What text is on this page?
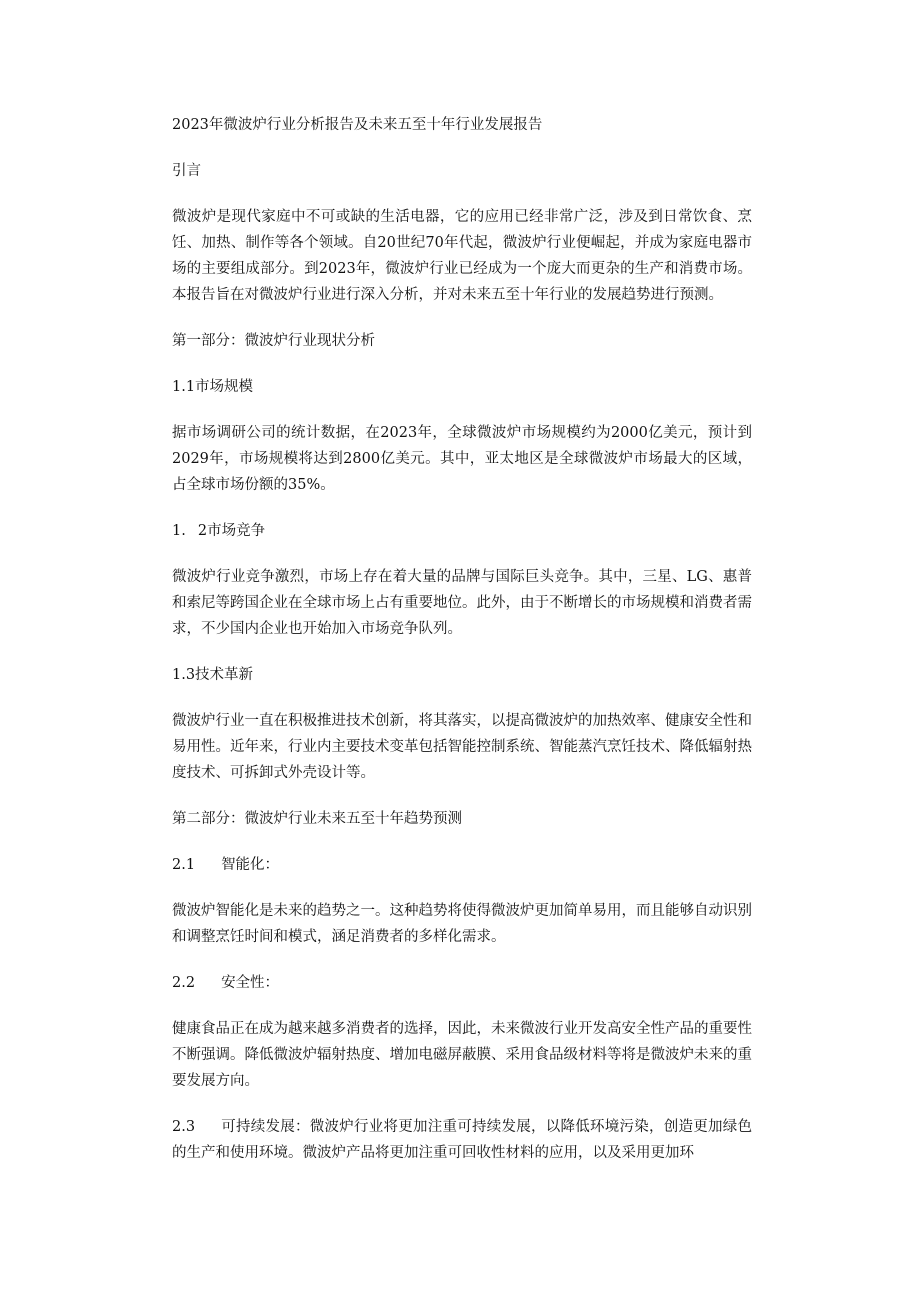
2023年微波炉行业分析报告及未来五至十年行业发展报告
引言
微波炉是现代家庭中不可或缺的生活电器，它的应用已经非常广泛，涉及到日常饮食、烹饪、加热、制作等各个领域。自20世纪70年代起，微波炉行业便崛起，并成为家庭电器市场的主要组成部分。到2023年，微波炉行业已经成为一个庞大而更杂的生产和消费市场。本报告旨在对微波炉行业进行深入分析，并对未来五至十年行业的发展趋势进行预测。
第一部分：微波炉行业现状分析
1.1市场规模
据市场调研公司的统计数据，在2023年，全球微波炉市场规模约为2000亿美元，预计到2029年，市场规模将达到2800亿美元。其中，亚太地区是全球微波炉市场最大的区域，占全球市场份额的35%。
1. 2市场竞争
微波炉行业竞争激烈，市场上存在着大量的品牌与国际巨头竞争。其中，三星、LG、惠普和索尼等跨国企业在全球市场上占有重要地位。此外，由于不断增长的市场规模和消费者需求，不少国内企业也开始加入市场竞争队列。
1.3技术革新
微波炉行业一直在积极推进技术创新，将其落实，以提高微波炉的加热效率、健康安全性和易用性。近年来，行业内主要技术变革包括智能控制系统、智能蒸汽烹饪技术、降低辐射热度技术、可拆卸式外壳设计等。
第二部分：微波炉行业未来五至十年趋势预测
2.1 智能化：
微波炉智能化是未来的趋势之一。这种趋势将使得微波炉更加简单易用，而且能够自动识别和调整烹饪时间和模式，涵足消费者的多样化需求。
2.2 安全性：
健康食品正在成为越来越多消费者的选择，因此，未来微波行业开发高安全性产品的重要性不断强调。降低微波炉辐射热度、增加电磁屏蔽膜、采用食品级材料等将是微波炉未来的重要发展方向。
2.3 可持续发展：微波炉行业将更加注重可持续发展，以降低环境污染，创造更加绿色的生产和使用环境。微波炉产品将更加注重可回收性材料的应用，以及采用更加环
